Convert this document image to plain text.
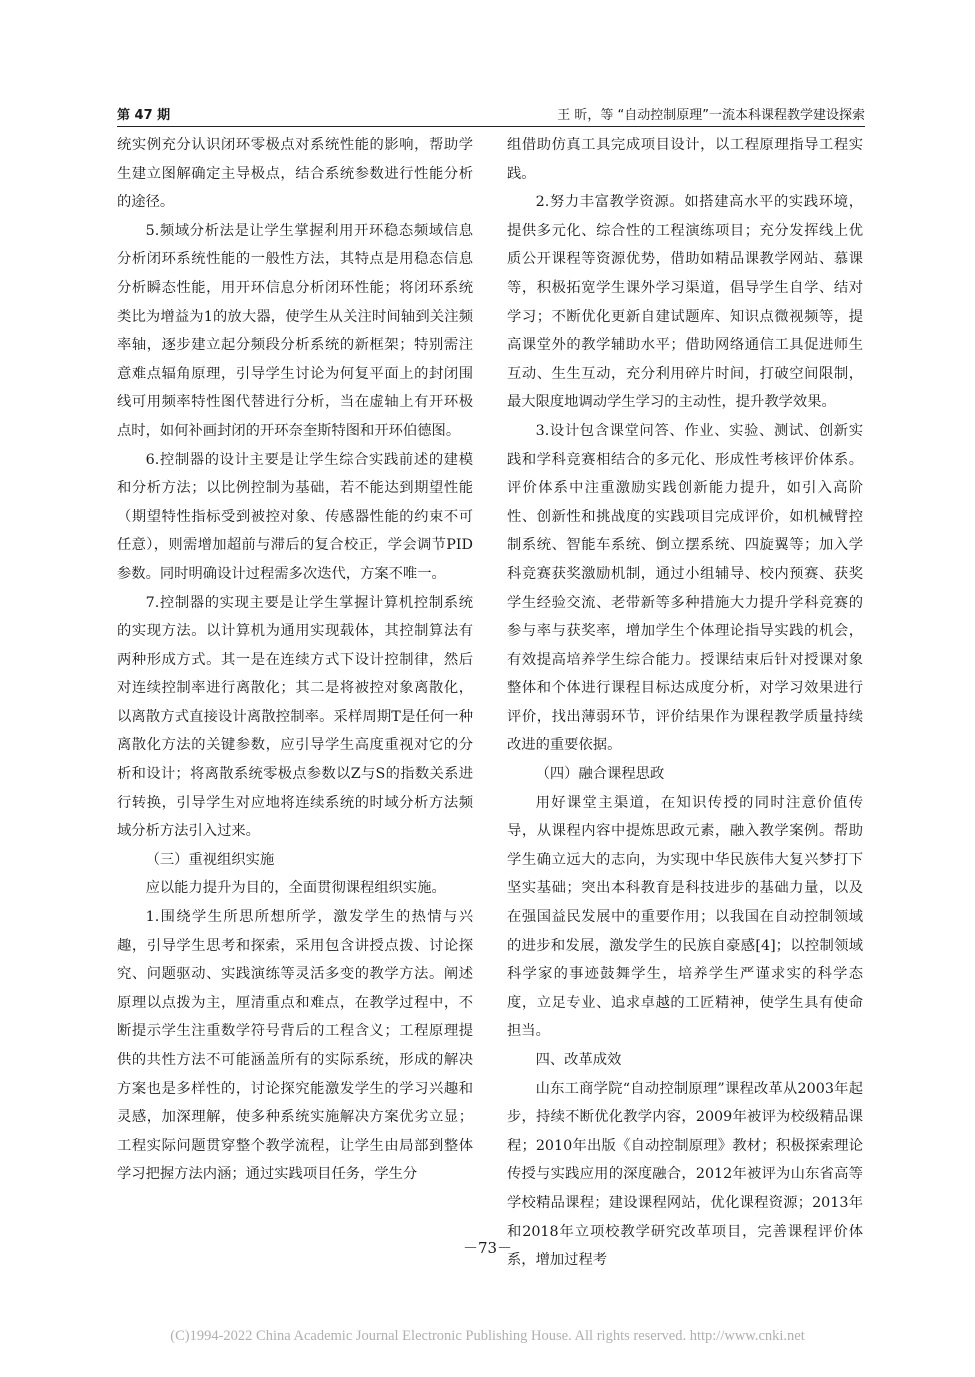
第 47 期	王 昕，等 “自动控制原理”一流本科课程教学建设探索

统实例充分认识闭环零极点对系统性能的影响，帮助学生建立图解确定主导极点，结合系统参数进行性能分析的途径。

5.频域分析法是让学生掌握利用开环稳态频域信息分析闭环系统性能的一般性方法，其特点是用稳态信息分析瞬态性能，用开环信息分析闭环性能；将闭环系统类比为增益为1的放大器，使学生从关注时间轴到关注频率轴，逐步建立起分频段分析系统的新框架；特别需注意难点辐角原理，引导学生讨论为何复平面上的封闭围线可用频率特性图代替进行分析，当在虚轴上有开环极点时，如何补画封闭的开环奈奎斯特图和开环伯德图。

6.控制器的设计主要是让学生综合实践前述的建模和分析方法；以比例控制为基础，若不能达到期望性能（期望特性指标受到被控对象、传感器性能的约束不可任意），则需增加超前与滞后的复合校正，学会调节PID参数。同时明确设计过程需多次迭代，方案不唯一。

7.控制器的实现主要是让学生掌握计算机控制系统的实现方法。以计算机为通用实现载体，其控制算法有两种形成方式。其一是在连续方式下设计控制律，然后对连续控制率进行离散化；其二是将被控对象离散化，以离散方式直接设计离散控制率。采样周期T是任何一种离散化方法的关键参数，应引导学生高度重视对它的分析和设计；将离散系统零极点参数以Z与S的指数关系进行转换，引导学生对应地将连续系统的时域分析方法频域分析方法引入过来。

（三）重视组织实施

应以能力提升为目的，全面贯彻课程组织实施。

1.围绕学生所思所想所学，激发学生的热情与兴趣，引导学生思考和探索，采用包含讲授点拨、讨论探究、问题驱动、实践演练等灵活多变的教学方法。阐述原理以点拨为主，厘清重点和难点，在教学过程中，不断提示学生注重数学符号背后的工程含义；工程原理提供的共性方法不可能涵盖所有的实际系统，形成的解决方案也是多样性的，讨论探究能激发学生的学习兴趣和灵感，加深理解，使多种系统实施解决方案优劣立显；工程实际问题贯穿整个教学流程，让学生由局部到整体学习把握方法内涵；通过实践项目任务，学生分

组借助仿真工具完成项目设计，以工程原理指导工程实践。

2.努力丰富教学资源。如搭建高水平的实践环境，提供多元化、综合性的工程演练项目；充分发挥线上优质公开课程等资源优势，借助如精品课教学网站、慕课等，积极拓宽学生课外学习渠道，倡导学生自学、结对学习；不断优化更新自建试题库、知识点微视频等，提高课堂外的教学辅助水平；借助网络通信工具促进师生互动、生生互动，充分利用碎片时间，打破空间限制，最大限度地调动学生学习的主动性，提升教学效果。

3.设计包含课堂问答、作业、实验、测试、创新实践和学科竞赛相结合的多元化、形成性考核评价体系。评价体系中注重激励实践创新能力提升，如引入高阶性、创新性和挑战度的实践项目完成评价，如机械臂控制系统、智能车系统、倒立摆系统、四旋翼等；加入学科竞赛获奖激励机制，通过小组辅导、校内预赛、获奖学生经验交流、老带新等多种措施大力提升学科竞赛的参与率与获奖率，增加学生个体理论指导实践的机会，有效提高培养学生综合能力。授课结束后针对授课对象整体和个体进行课程目标达成度分析，对学习效果进行评价，找出薄弱环节，评价结果作为课程教学质量持续改进的重要依据。

（四）融合课程思政

用好课堂主渠道，在知识传授的同时注意价值传导，从课程内容中提炼思政元素，融入教学案例。帮助学生确立远大的志向，为实现中华民族伟大复兴梦打下坚实基础；突出本科教育是科技进步的基础力量，以及在强国益民发展中的重要作用；以我国在自动控制领域的进步和发展，激发学生的民族自豪感[4]；以控制领域科学家的事迹鼓舞学生，培养学生严谨求实的科学态度，立足专业、追求卓越的工匠精神，使学生具有使命担当。

四、改革成效

山东工商学院“自动控制原理”课程改革从2003年起步，持续不断优化教学内容，2009年被评为校级精品课程；2010年出版《自动控制原理》教材；积极探索理论传授与实践应用的深度融合，2012年被评为山东省高等学校精品课程；建设课程网站，优化课程资源；2013年和2018年立项校教学研究改革项目，完善课程评价体系，增加过程考

－73－
(C)1994-2022 China Academic Journal Electronic Publishing House. All rights reserved. http://www.cnki.net
